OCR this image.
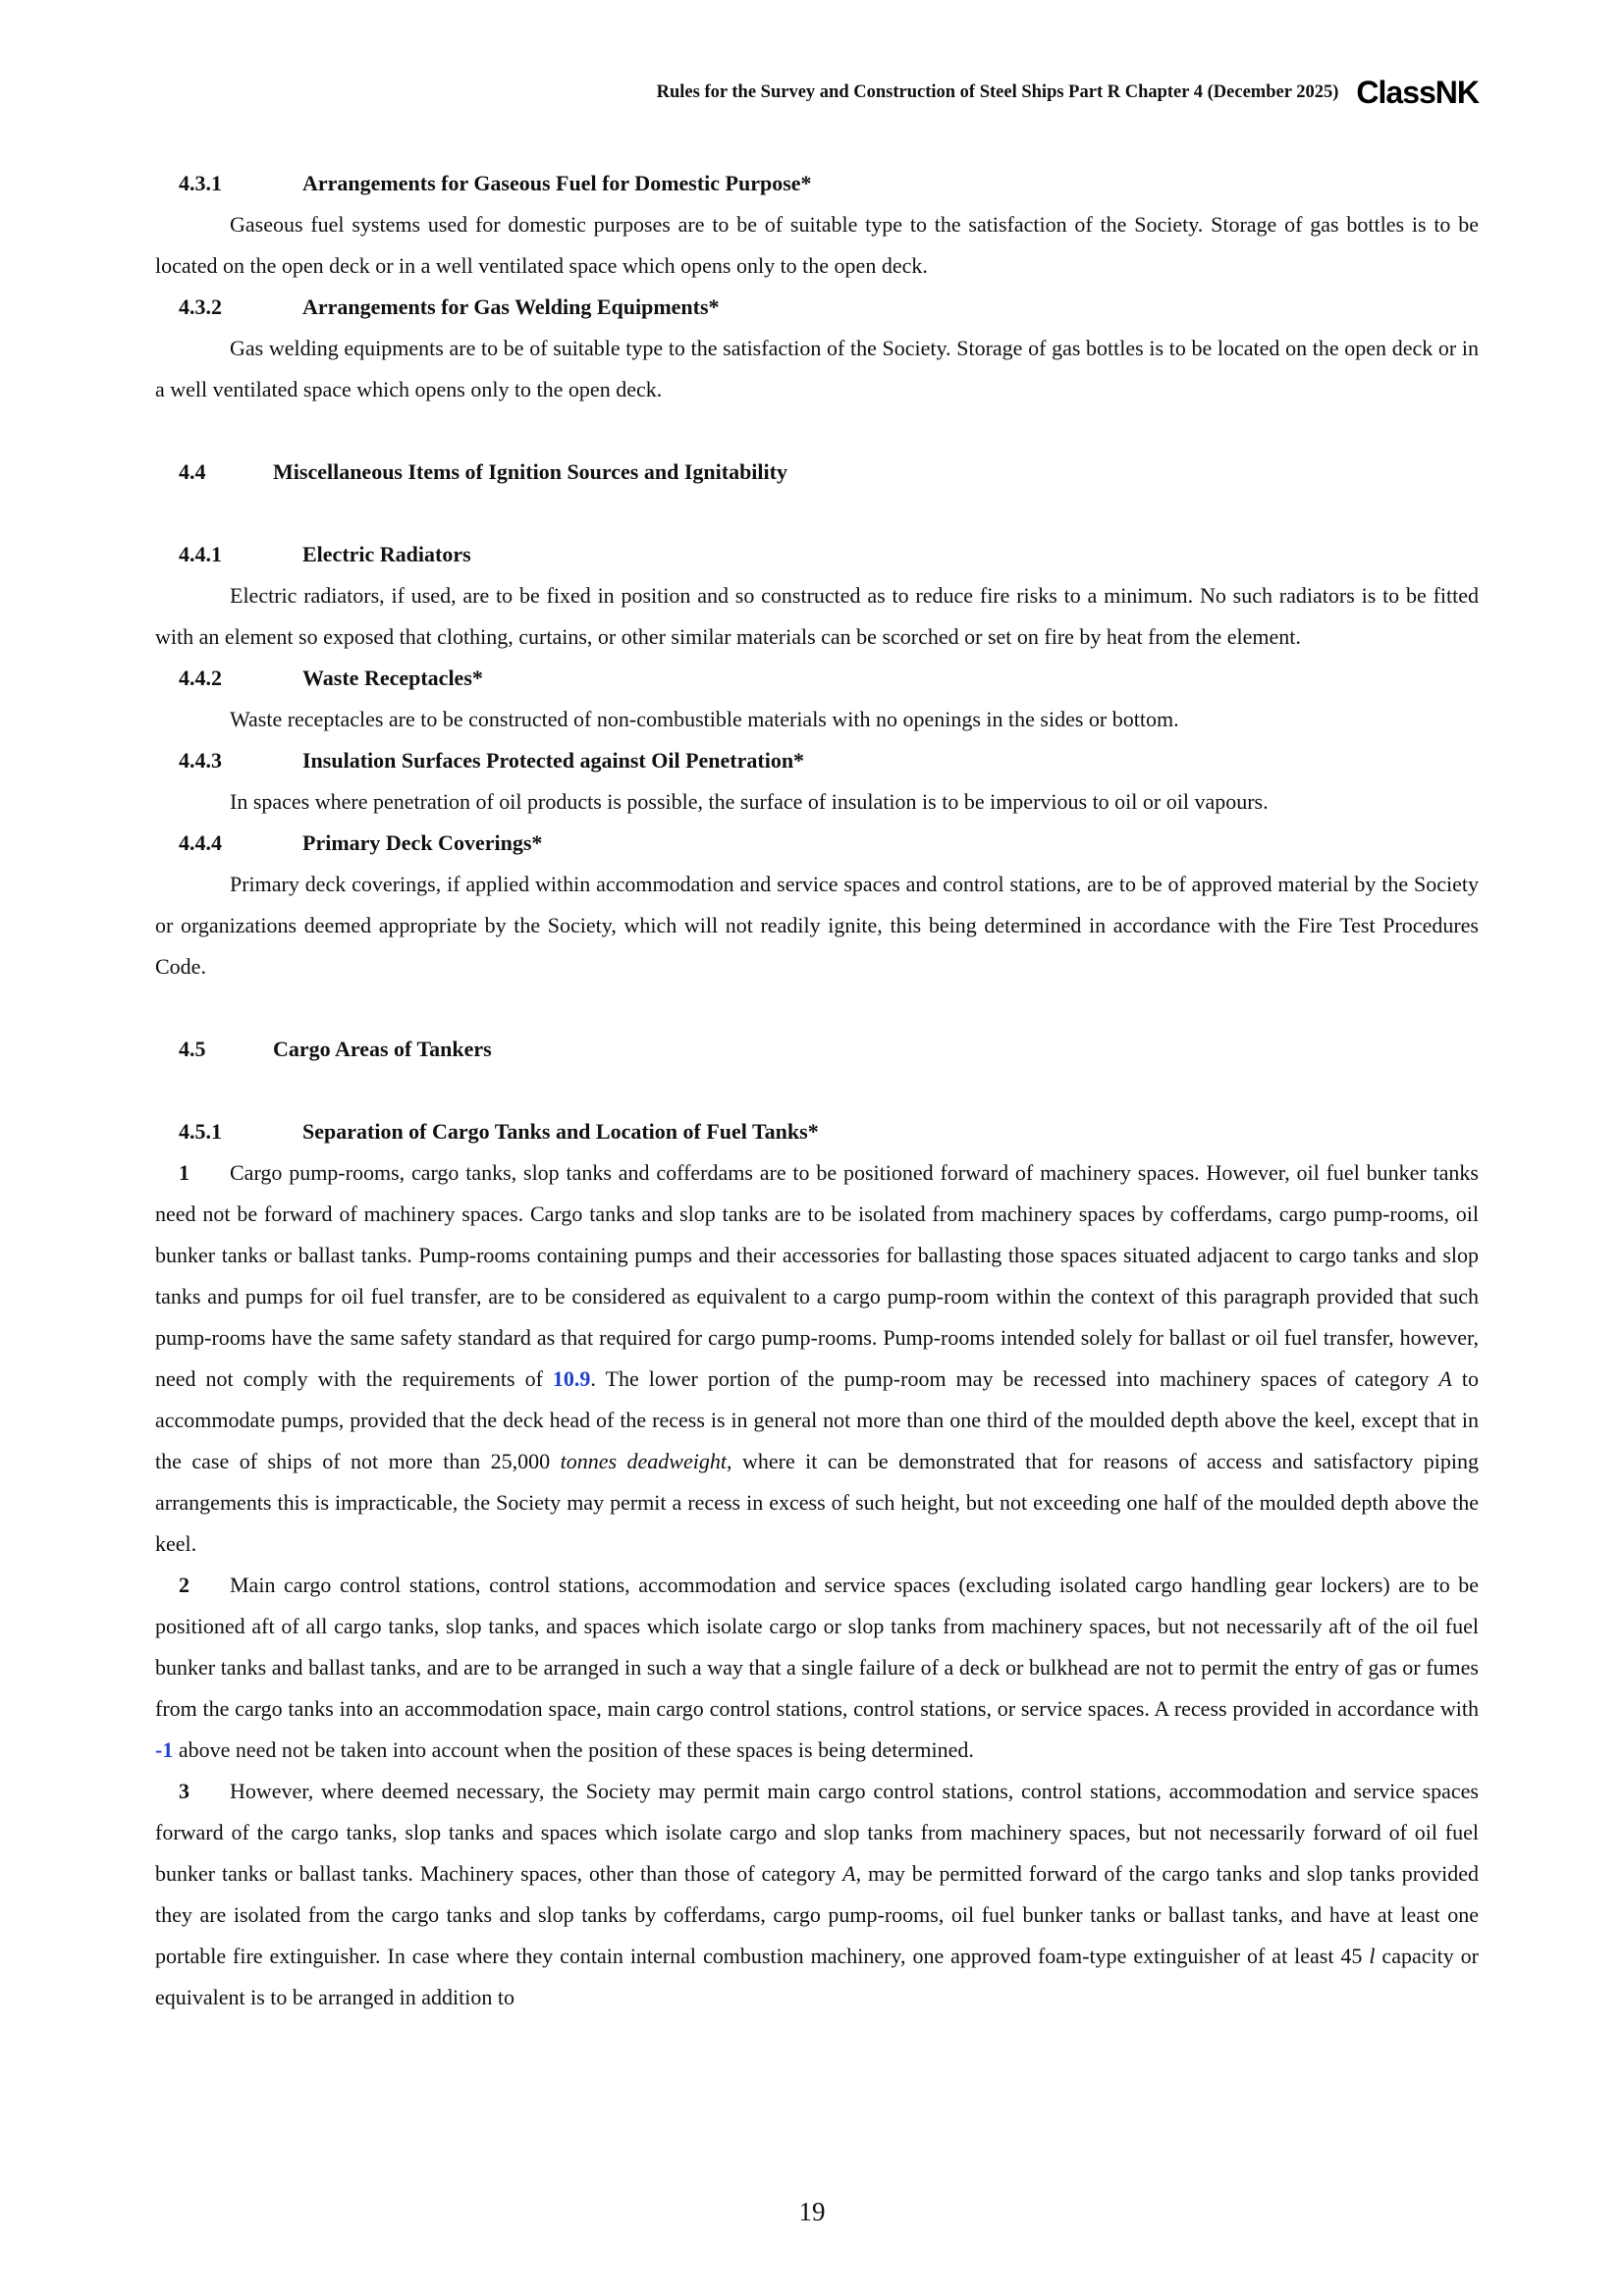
Rules for the Survey and Construction of Steel Ships Part R Chapter 4 (December 2025) ClassNK
4.3.1	Arrangements for Gaseous Fuel for Domestic Purpose*

Gaseous fuel systems used for domestic purposes are to be of suitable type to the satisfaction of the Society. Storage of gas bottles is to be located on the open deck or in a well ventilated space which opens only to the open deck.

4.3.2	Arrangements for Gas Welding Equipments*

Gas welding equipments are to be of suitable type to the satisfaction of the Society. Storage of gas bottles is to be located on the open deck or in a well ventilated space which opens only to the open deck.

4.4	Miscellaneous Items of Ignition Sources and Ignitability
4.4.1	Electric Radiators

Electric radiators, if used, are to be fixed in position and so constructed as to reduce fire risks to a minimum. No such radiators is to be fitted with an element so exposed that clothing, curtains, or other similar materials can be scorched or set on fire by heat from the element.

4.4.2	Waste Receptacles*

Waste receptacles are to be constructed of non-combustible materials with no openings in the sides or bottom.

4.4.3	Insulation Surfaces Protected against Oil Penetration*

In spaces where penetration of oil products is possible, the surface of insulation is to be impervious to oil or oil vapours.

4.4.4	Primary Deck Coverings*

Primary deck coverings, if applied within accommodation and service spaces and control stations, are to be of approved material by the Society or organizations deemed appropriate by the Society, which will not readily ignite, this being determined in accordance with the Fire Test Procedures Code.

4.5	Cargo Areas of Tankers
4.5.1	Separation of Cargo Tanks and Location of Fuel Tanks*

1 Cargo pump-rooms, cargo tanks, slop tanks and cofferdams are to be positioned forward of machinery spaces. However, oil fuel bunker tanks need not be forward of machinery spaces. Cargo tanks and slop tanks are to be isolated from machinery spaces by cofferdams, cargo pump-rooms, oil bunker tanks or ballast tanks. Pump-rooms containing pumps and their accessories for ballasting those spaces situated adjacent to cargo tanks and slop tanks and pumps for oil fuel transfer, are to be considered as equivalent to a cargo pump-room within the context of this paragraph provided that such pump-rooms have the same safety standard as that required for cargo pump-rooms. Pump-rooms intended solely for ballast or oil fuel transfer, however, need not comply with the requirements of 10.9. The lower portion of the pump-room may be recessed into machinery spaces of category A to accommodate pumps, provided that the deck head of the recess is in general not more than one third of the moulded depth above the keel, except that in the case of ships of not more than 25,000 tonnes deadweight, where it can be demonstrated that for reasons of access and satisfactory piping arrangements this is impracticable, the Society may permit a recess in excess of such height, but not exceeding one half of the moulded depth above the keel.

2 Main cargo control stations, control stations, accommodation and service spaces (excluding isolated cargo handling gear lockers) are to be positioned aft of all cargo tanks, slop tanks, and spaces which isolate cargo or slop tanks from machinery spaces, but not necessarily aft of the oil fuel bunker tanks and ballast tanks, and are to be arranged in such a way that a single failure of a deck or bulkhead are not to permit the entry of gas or fumes from the cargo tanks into an accommodation space, main cargo control stations, control stations, or service spaces. A recess provided in accordance with -1 above need not be taken into account when the position of these spaces is being determined.

3 However, where deemed necessary, the Society may permit main cargo control stations, control stations, accommodation and service spaces forward of the cargo tanks, slop tanks and spaces which isolate cargo and slop tanks from machinery spaces, but not necessarily forward of oil fuel bunker tanks or ballast tanks. Machinery spaces, other than those of category A, may be permitted forward of the cargo tanks and slop tanks provided they are isolated from the cargo tanks and slop tanks by cofferdams, cargo pump-rooms, oil fuel bunker tanks or ballast tanks, and have at least one portable fire extinguisher. In case where they contain internal combustion machinery, one approved foam-type extinguisher of at least 45 l capacity or equivalent is to be arranged in addition to

19
